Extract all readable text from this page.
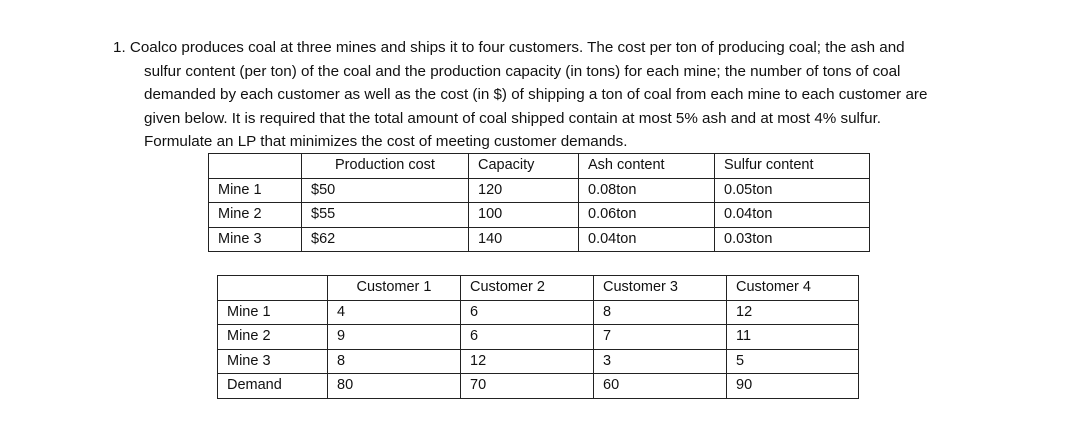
1. Coalco produces coal at three mines and ships it to four customers. The cost per ton of producing coal; the ash and
sulfur content (per ton) of the coal and the production capacity (in tons) for each mine; the number of tons of coal
demanded by each customer as well as the cost (in $) of shipping a ton of coal from each mine to each customer are
given below. It is required that the total amount of coal shipped contain at most 5% ash and at most 4% sulfur.
Formulate an LP that minimizes the cost of meeting customer demands.
	Production cost	Capacity	Ash content	Sulfur content
Mine 1	$50	120	0.08ton	0.05ton
Mine 2	$55	100	0.06ton	0.04ton
Mine 3	$62	140	0.04ton	0.03ton
	Customer 1	Customer 2	Customer 3	Customer 4
Mine 1	4	6	8	12
Mine 2	9	6	7	11
Mine 3	8	12	3	5
Demand	80	70	60	90
